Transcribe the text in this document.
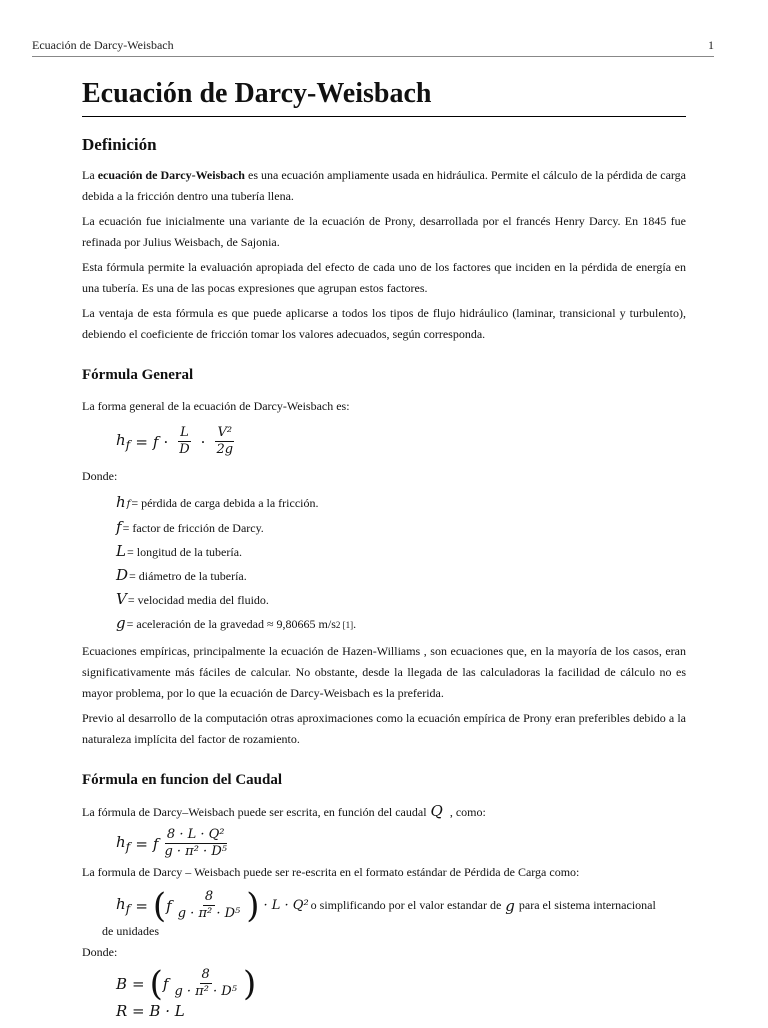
Ecuación de Darcy-Weisbach	1
Ecuación de Darcy-Weisbach
Definición

La ecuación de Darcy-Weisbach es una ecuación ampliamente usada en hidráulica. Permite el cálculo de la pérdida de carga debida a la fricción dentro una tubería llena.

La ecuación fue inicialmente una variante de la ecuación de Prony, desarrollada por el francés Henry Darcy. En 1845 fue refinada por Julius Weisbach, de Sajonia.

Esta fórmula permite la evaluación apropiada del efecto de cada uno de los factores que inciden en la pérdida de energía en una tubería. Es una de las pocas expresiones que agrupan estos factores.

La ventaja de esta fórmula es que puede aplicarse a todos los tipos de flujo hidráulico (laminar, transicional y turbulento), debiendo el coeficiente de fricción tomar los valores adecuados, según corresponda.

Fórmula General

La forma general de la ecuación de Darcy-Weisbach es:

$h_f = f \cdot \frac{L}{D} \cdot \frac{\text{V²}}{2g}$

Donde:

h f = pérdida de carga debida a la fricción.
f = factor de fricción de Darcy.
L = longitud de la tubería.
D = diámetro de la tubería.
V = velocidad media del fluido.
g = aceleración de la gravedad ≈ 9,80665 m/s 2 [1] .

Ecuaciones empíricas, principalmente la ecuación de Hazen-Williams , son ecuaciones que, en la mayoría de los casos, eran significativamente más fáciles de calcular. No obstante, desde la llegada de las calculadoras la facilidad de cálculo no es mayor problema, por lo que la ecuación de Darcy-Weisbach es la preferida.

Previo al desarrollo de la computación otras aproximaciones como la ecuación empírica de Prony eran preferibles debido a la naturaleza implícita del factor de rozamiento.

Fórmula en funcion del Caudal

La fórmula de Darcy–Weisbach puede ser escrita, en función del caudal Q , como:

$h_f = f \frac{\text{8 · L · Q²}}{\text{g · π² · D⁵}}$

La formula de Darcy – Weisbach puede ser re-escrita en el formato estándar de Pérdida de Carga como:

$h_f$ = ( f $\frac{8}{\text{g · π² · D⁵}}$ ) · L · Q² o simplificando por el valor estandar de g para el sistema internacional
de unidades

Donde:

B = ( f $\frac{8}{\text{g · π² · D⁵}}$ )
R = B · L
